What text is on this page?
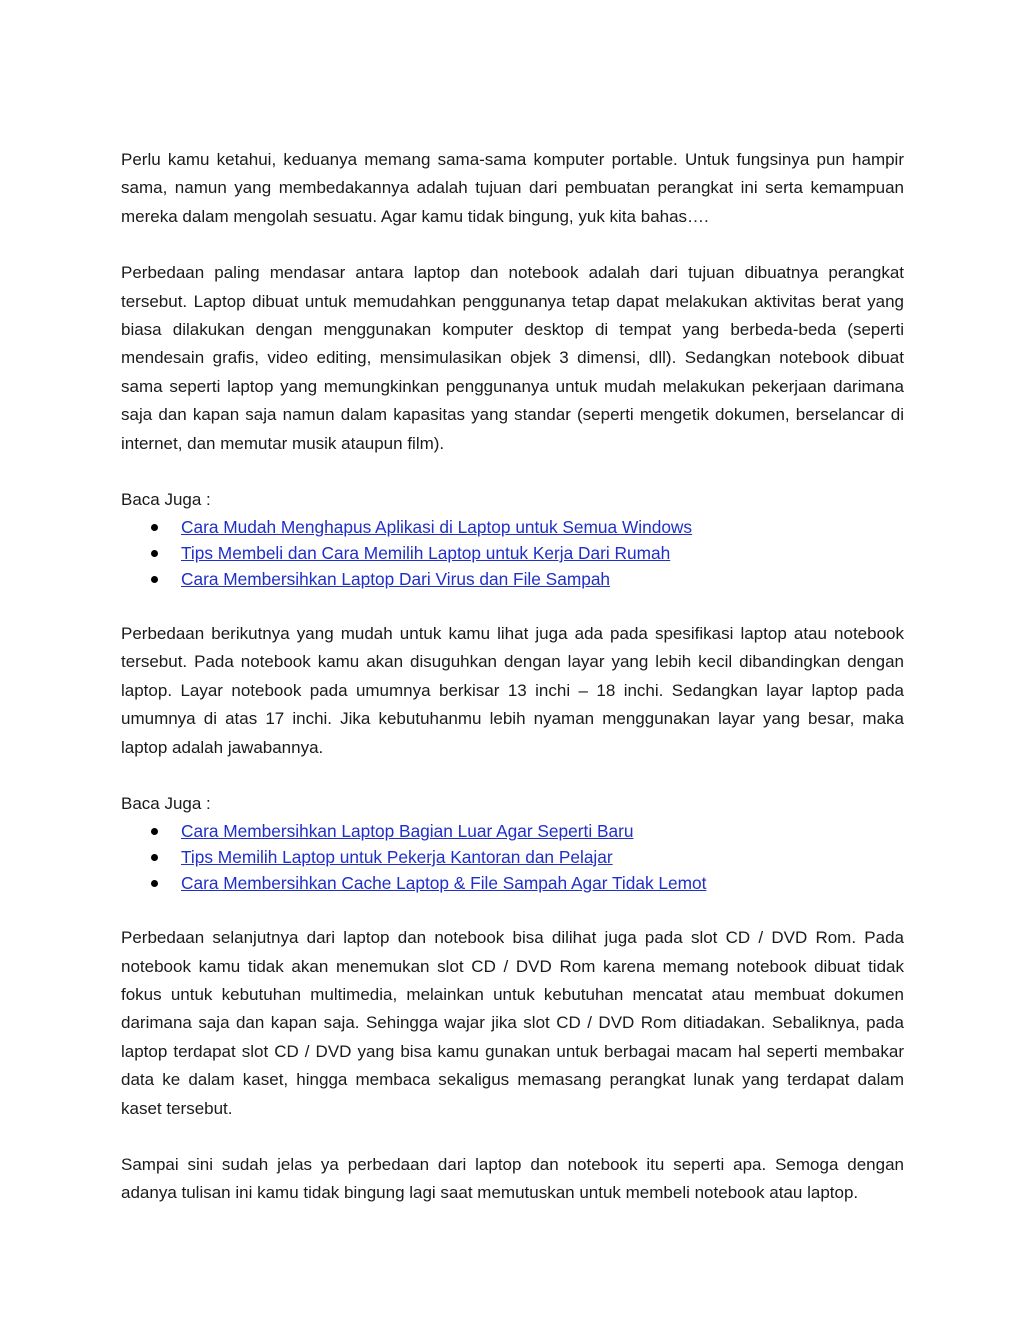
Perlu kamu ketahui, keduanya memang sama-sama komputer portable. Untuk fungsinya pun hampir sama, namun yang membedakannya adalah tujuan dari pembuatan perangkat ini serta kemampuan mereka dalam mengolah sesuatu. Agar kamu tidak bingung, yuk kita bahas….

Perbedaan paling mendasar antara laptop dan notebook adalah dari tujuan dibuatnya perangkat tersebut. Laptop dibuat untuk memudahkan penggunanya tetap dapat melakukan aktivitas berat yang biasa dilakukan dengan menggunakan komputer desktop di tempat yang berbeda-beda (seperti mendesain grafis, video editing, mensimulasikan objek 3 dimensi, dll). Sedangkan notebook dibuat sama seperti laptop yang memungkinkan penggunanya untuk mudah melakukan pekerjaan darimana saja dan kapan saja namun dalam kapasitas yang standar (seperti mengetik dokumen, berselancar di internet, dan memutar musik ataupun film).

Baca Juga :

Cara Mudah Menghapus Aplikasi di Laptop untuk Semua Windows
Tips Membeli dan Cara Memilih Laptop untuk Kerja Dari Rumah
Cara Membersihkan Laptop Dari Virus dan File Sampah

Perbedaan berikutnya yang mudah untuk kamu lihat juga ada pada spesifikasi laptop atau notebook tersebut. Pada notebook kamu akan disuguhkan dengan layar yang lebih kecil dibandingkan dengan laptop. Layar notebook pada umumnya berkisar 13 inchi – 18 inchi. Sedangkan layar laptop pada umumnya di atas 17 inchi. Jika kebutuhanmu lebih nyaman menggunakan layar yang besar, maka laptop adalah jawabannya.

Baca Juga :

Cara Membersihkan Laptop Bagian Luar Agar Seperti Baru
Tips Memilih Laptop untuk Pekerja Kantoran dan Pelajar
Cara Membersihkan Cache Laptop & File Sampah Agar Tidak Lemot

Perbedaan selanjutnya dari laptop dan notebook bisa dilihat juga pada slot CD / DVD Rom. Pada notebook kamu tidak akan menemukan slot CD / DVD Rom karena memang notebook dibuat tidak fokus untuk kebutuhan multimedia, melainkan untuk kebutuhan mencatat atau membuat dokumen darimana saja dan kapan saja. Sehingga wajar jika slot CD / DVD Rom ditiadakan. Sebaliknya, pada laptop terdapat slot CD / DVD yang bisa kamu gunakan untuk berbagai macam hal seperti membakar data ke dalam kaset, hingga membaca sekaligus memasang perangkat lunak yang terdapat dalam kaset tersebut.

Sampai sini sudah jelas ya perbedaan dari laptop dan notebook itu seperti apa. Semoga dengan adanya tulisan ini kamu tidak bingung lagi saat memutuskan untuk membeli notebook atau laptop.
